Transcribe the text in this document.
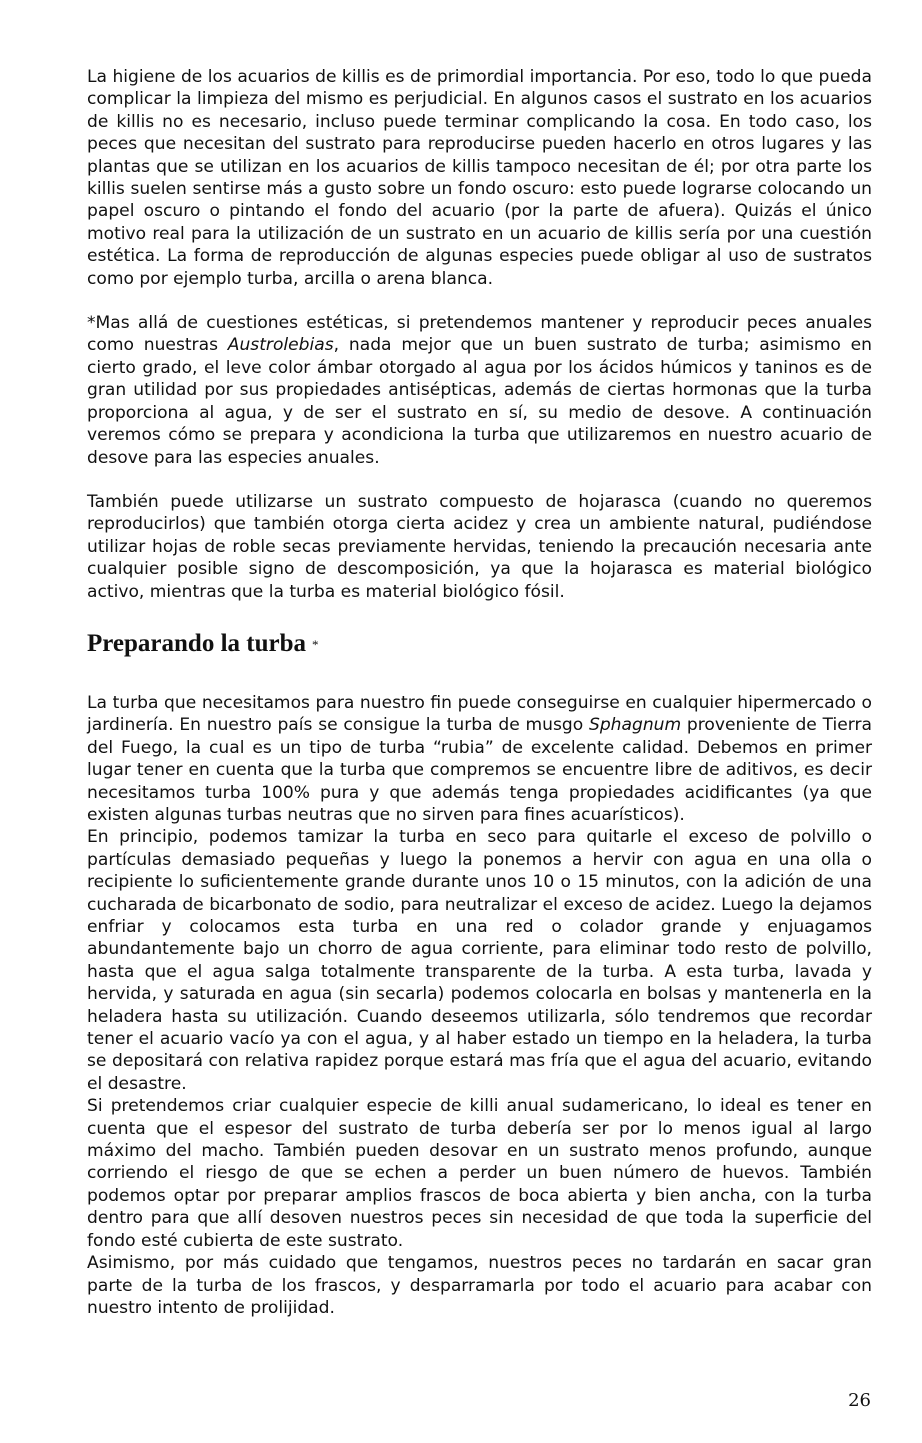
La higiene de los acuarios de killis es de primordial importancia. Por eso, todo lo que pueda complicar la limpieza del mismo es perjudicial. En algunos casos el sustrato en los acuarios de killis no es necesario, incluso puede terminar complicando la cosa. En todo caso, los peces que necesitan del sustrato para reproducirse pueden hacerlo en otros lugares y las plantas que se utilizan en los acuarios de killis tampoco necesitan de él; por otra parte los killis suelen sentirse más a gusto sobre un fondo oscuro: esto puede lograrse colocando un papel oscuro o pintando el fondo del acuario (por la parte de afuera). Quizás el único motivo real para la utilización de un sustrato en un acuario de killis sería por una cuestión estética. La forma de reproducción de algunas especies puede obligar al uso de sustratos como por ejemplo turba, arcilla o arena blanca.

*Mas allá de cuestiones estéticas, si pretendemos mantener y reproducir peces anuales como nuestras Austrolebias, nada mejor que un buen sustrato de turba; asimismo en cierto grado, el leve color ámbar otorgado al agua por los ácidos húmicos y taninos es de gran utilidad por sus propiedades antisépticas, además de ciertas hormonas que la turba proporciona al agua, y de ser el sustrato en sí, su medio de desove. A continuación veremos cómo se prepara y acondiciona la turba que utilizaremos en nuestro acuario de desove para las especies anuales.

También puede utilizarse un sustrato compuesto de hojarasca (cuando no queremos reproducirlos) que también otorga cierta acidez y crea un ambiente natural, pudiéndose utilizar hojas de roble secas previamente hervidas, teniendo la precaución necesaria ante cualquier posible signo de descomposición, ya que la hojarasca es material biológico activo, mientras que la turba es material biológico fósil.

Preparando la turba *

La turba que necesitamos para nuestro fin puede conseguirse en cualquier hipermercado o jardinería. En nuestro país se consigue la turba de musgo Sphagnum proveniente de Tierra del Fuego, la cual es un tipo de turba “rubia” de excelente calidad. Debemos en primer lugar tener en cuenta que la turba que compremos se encuentre libre de aditivos, es decir necesitamos turba 100% pura y que además tenga propiedades acidificantes (ya que existen algunas turbas neutras que no sirven para fines acuarísticos).

En principio, podemos tamizar la turba en seco para quitarle el exceso de polvillo o partículas demasiado pequeñas y luego la ponemos a hervir con agua en una olla o recipiente lo suficientemente grande durante unos 10 o 15 minutos, con la adición de una cucharada de bicarbonato de sodio, para neutralizar el exceso de acidez. Luego la dejamos enfriar y colocamos esta turba en una red o colador grande y enjuagamos abundantemente bajo un chorro de agua corriente, para eliminar todo resto de polvillo, hasta que el agua salga totalmente transparente de la turba. A esta turba, lavada y hervida, y saturada en agua (sin secarla) podemos colocarla en bolsas y mantenerla en la heladera hasta su utilización. Cuando deseemos utilizarla, sólo tendremos que recordar tener el acuario vacío ya con el agua, y al haber estado un tiempo en la heladera, la turba se depositará con relativa rapidez porque estará mas fría que el agua del acuario, evitando el desastre.

Si pretendemos criar cualquier especie de killi anual sudamericano, lo ideal es tener en cuenta que el espesor del sustrato de turba debería ser por lo menos igual al largo máximo del macho. También pueden desovar en un sustrato menos profundo, aunque corriendo el riesgo de que se echen a perder un buen número de huevos. También podemos optar por preparar amplios frascos de boca abierta y bien ancha, con la turba dentro para que allí desoven nuestros peces sin necesidad de que toda la superficie del fondo esté cubierta de este sustrato.

Asimismo, por más cuidado que tengamos, nuestros peces no tardarán en sacar gran parte de la turba de los frascos, y desparramarla por todo el acuario para acabar con nuestro intento de prolijidad.

26
